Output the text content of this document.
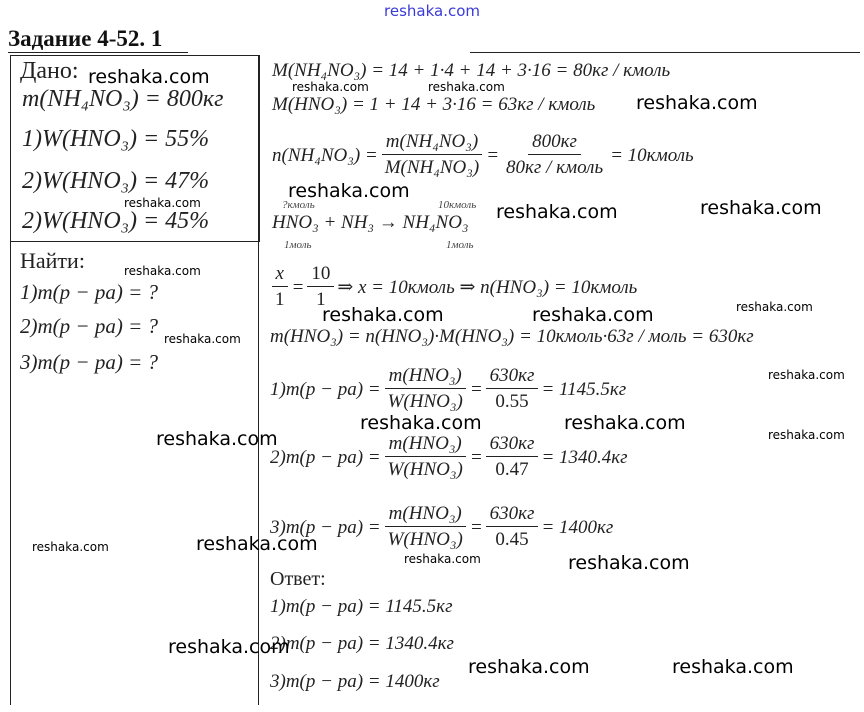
reshaka.com
Задание 4-52. 1
Дано:
m(NH₄NO₃) = 800кг
1)W(HNO₃) = 55%
2)W(HNO₃) = 47%
2)W(HNO₃) = 45%
Найти:
1)m(p − pa) = ?
2)m(p − pa) = ?
3)m(p − pa) = ?
M(NH₄NO₃) = 14 + 1·4 + 14 + 3·16 = 80кг / кмоль
M(HNO₃) = 1 + 14 + 3·16 = 63кг / кмоль
$n(NH_4NO_3) = \frac{\text{m(NH₄NO₃)}}{\text{M(NH₄NO₃)}} = \frac{800кг}{\text{80кг / кмоль}}$ = 10кмоль
?кмоль	10кмоль
HNO₃ + NH₃ → NH₄NO₃
1моль	1моль
$\frac{x}{1} = \frac{10}{1}$ ⇒ x = 10кмоль ⇒ n(HNO₃) = 10кмоль
m(HNO₃) = n(HNO₃)·M(HNO₃) = 10кмоль·63г / моль = 630кг
$1)m(p - pa) = \frac{\text{m(HNO₃)}}{\text{W(HNO₃)}} = \frac{630кг}{0.55} = 1145.5кг$
$2)m(p - pa) = \frac{\text{m(HNO₃)}}{\text{W(HNO₃)}} = \frac{630кг}{0.47} = 1340.4кг$
$3)m(p - pa) = \frac{\text{m(HNO₃)}}{\text{W(HNO₃)}} = \frac{630кг}{0.45} = 1400кг$
Ответ:
1)m(p − pa) = 1145.5кг
2)m(p − pa) = 1340.4кг
3)m(p − pa) = 1400кг
reshaka.com	reshaka.com	reshaka.com
reshaka.com
reshaka.com
reshaka.com	reshaka.com	reshaka.com
reshaka.com
reshaka.com
reshaka.com	reshaka.com
reshaka.com
reshaka.com
reshaka.com	reshaka.com
reshaka.com
reshaka.com
reshaka.com	reshaka.com
reshaka.com	reshaka.com
reshaka.com
reshaka.com	reshaka.com
